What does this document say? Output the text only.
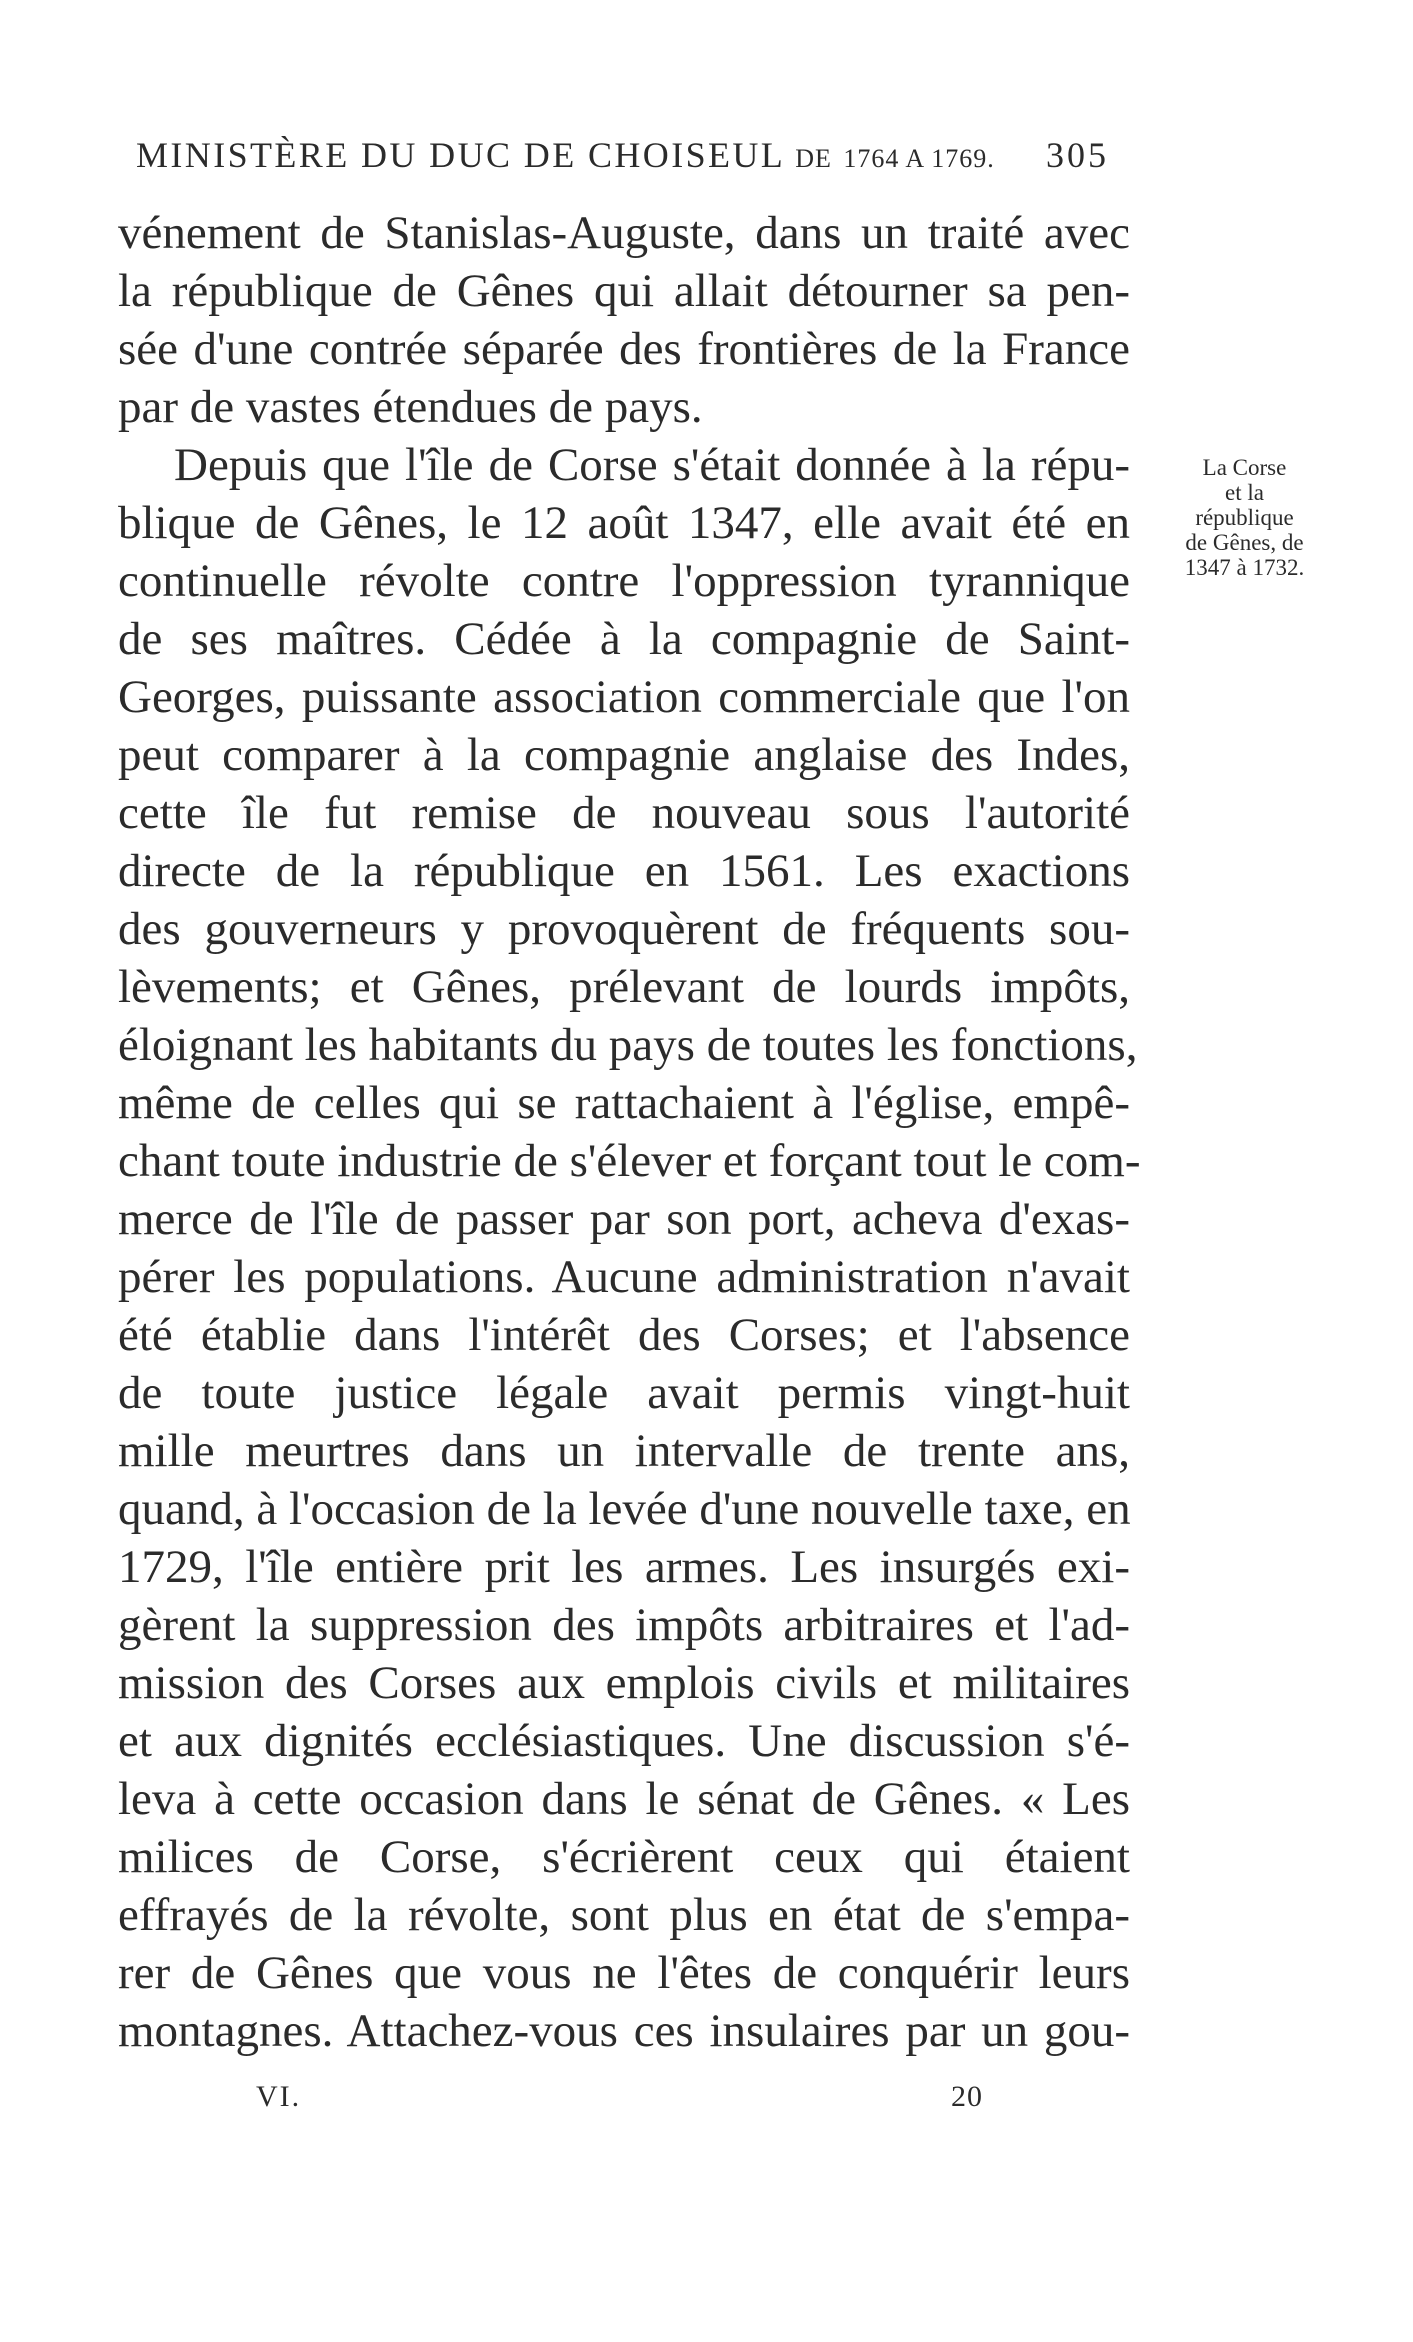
MINISTÈRE DU DUC DE CHOISEUL DE 1764 A 1769. 305
vénement de Stanislas-Auguste, dans un traité avec
la république de Gênes qui allait détourner sa pen-
sée d'une contrée séparée des frontières de la France
par de vastes étendues de pays.
Depuis que l'île de Corse s'était donnée à la répu-
blique de Gênes, le 12 août 1347, elle avait été en
continuelle révolte contre l'oppression tyrannique
de ses maîtres. Cédée à la compagnie de Saint-
Georges, puissante association commerciale que l'on
peut comparer à la compagnie anglaise des Indes,
cette île fut remise de nouveau sous l'autorité
directe de la république en 1561. Les exactions
des gouverneurs y provoquèrent de fréquents sou-
lèvements; et Gênes, prélevant de lourds impôts,
éloignant les habitants du pays de toutes les fonctions,
même de celles qui se rattachaient à l'église, empê-
chant toute industrie de s'élever et forçant tout le com-
merce de l'île de passer par son port, acheva d'exas-
pérer les populations. Aucune administration n'avait
été établie dans l'intérêt des Corses; et l'absence
de toute justice légale avait permis vingt-huit
mille meurtres dans un intervalle de trente ans,
quand, à l'occasion de la levée d'une nouvelle taxe, en
1729, l'île entière prit les armes. Les insurgés exi-
gèrent la suppression des impôts arbitraires et l'ad-
mission des Corses aux emplois civils et militaires
et aux dignités ecclésiastiques. Une discussion s'é-
leva à cette occasion dans le sénat de Gênes. « Les
milices de Corse, s'écrièrent ceux qui étaient
effrayés de la révolte, sont plus en état de s'empa-
rer de Gênes que vous ne l'êtes de conquérir leurs
montagnes. Attachez-vous ces insulaires par un gou-
La Corse
et la
république
de Gênes, de
1347 à 1732.
VI.	20
